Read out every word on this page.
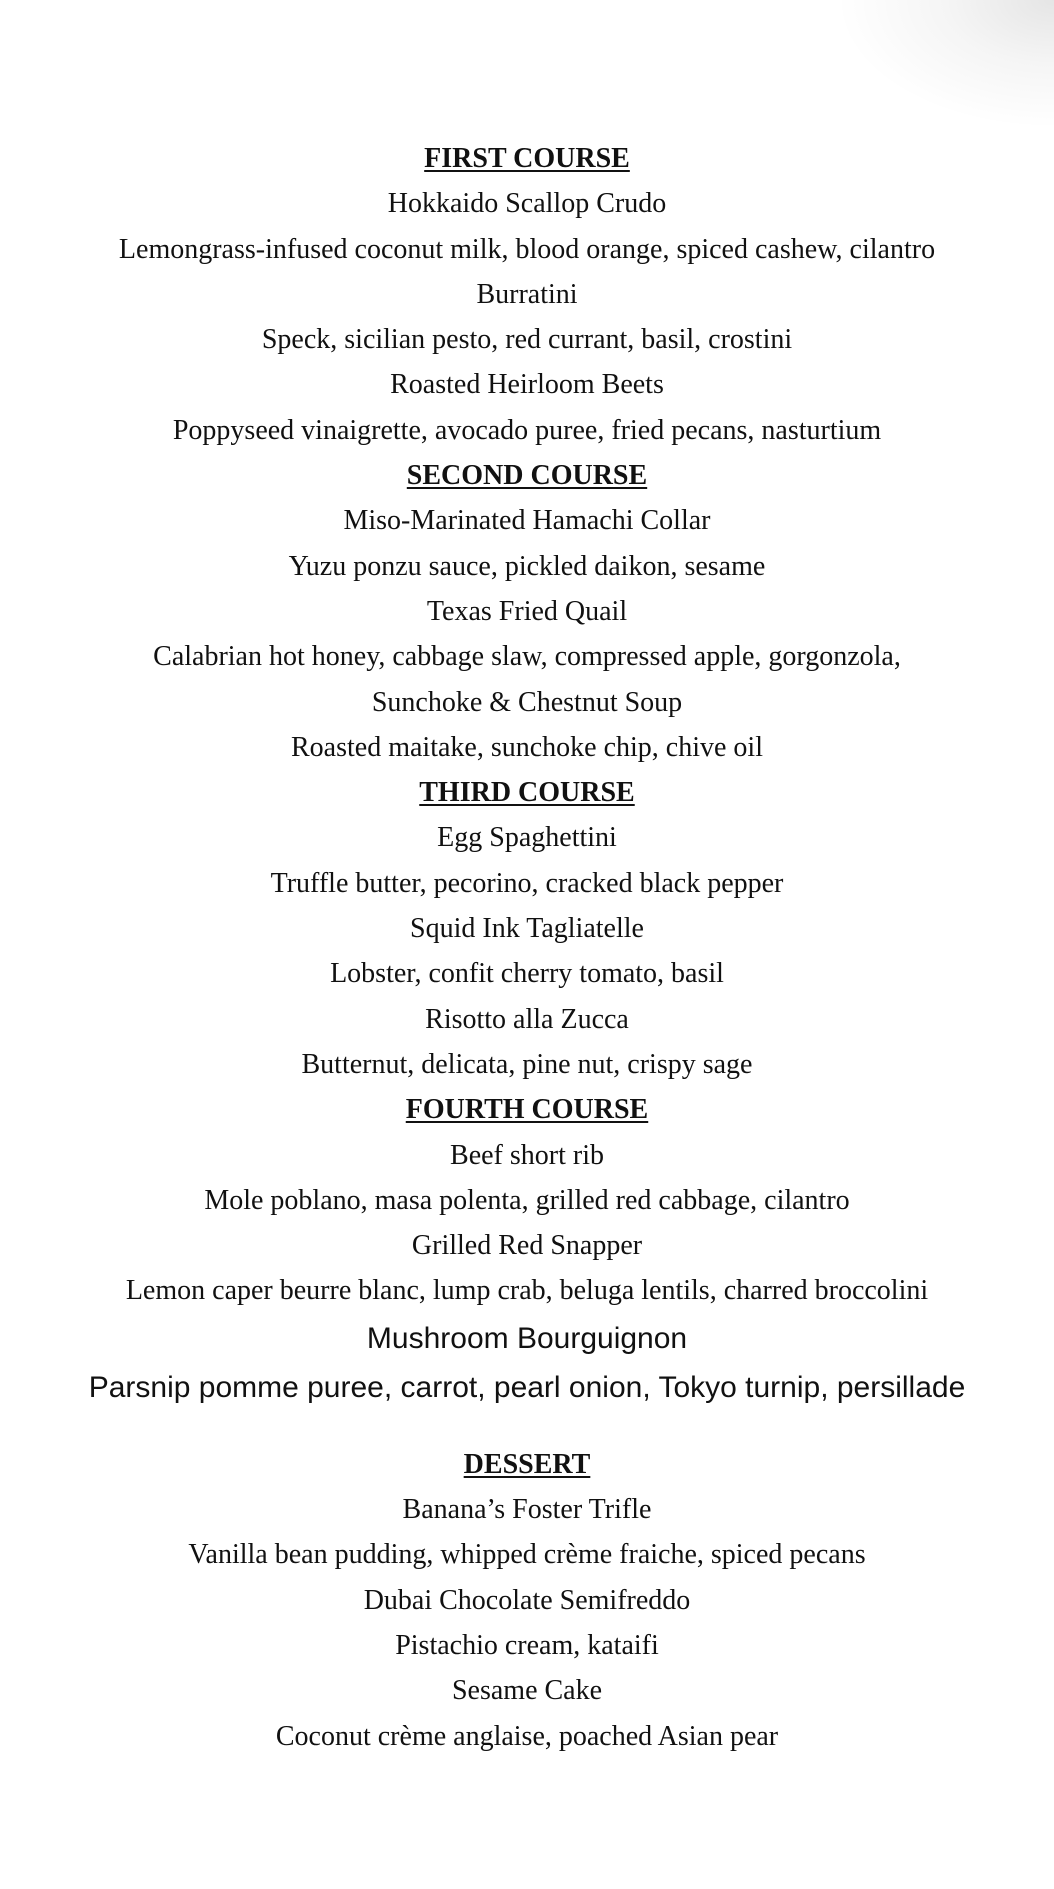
FIRST COURSE
Hokkaido Scallop Crudo
Lemongrass-infused coconut milk, blood orange, spiced cashew, cilantro
Burratini
Speck, sicilian pesto, red currant, basil, crostini
Roasted Heirloom Beets
Poppyseed vinaigrette, avocado puree, fried pecans, nasturtium
SECOND COURSE
Miso-Marinated Hamachi Collar
Yuzu ponzu sauce, pickled daikon, sesame
Texas Fried Quail
Calabrian hot honey, cabbage slaw, compressed apple, gorgonzola,
Sunchoke & Chestnut Soup
Roasted maitake, sunchoke chip, chive oil
THIRD COURSE
Egg Spaghettini
Truffle butter, pecorino, cracked black pepper
Squid Ink Tagliatelle
Lobster, confit cherry tomato, basil
Risotto alla Zucca
Butternut, delicata, pine nut, crispy sage
FOURTH COURSE
Beef short rib
Mole poblano, masa polenta, grilled red cabbage, cilantro
Grilled Red Snapper
Lemon caper beurre blanc, lump crab, beluga lentils, charred broccolini
Mushroom Bourguignon
Parsnip pomme puree, carrot, pearl onion, Tokyo turnip, persillade
DESSERT
Banana’s Foster Trifle
Vanilla bean pudding, whipped crème fraiche, spiced pecans
Dubai Chocolate Semifreddo
Pistachio cream, kataifi
Sesame Cake
Coconut crème anglaise, poached Asian pear
